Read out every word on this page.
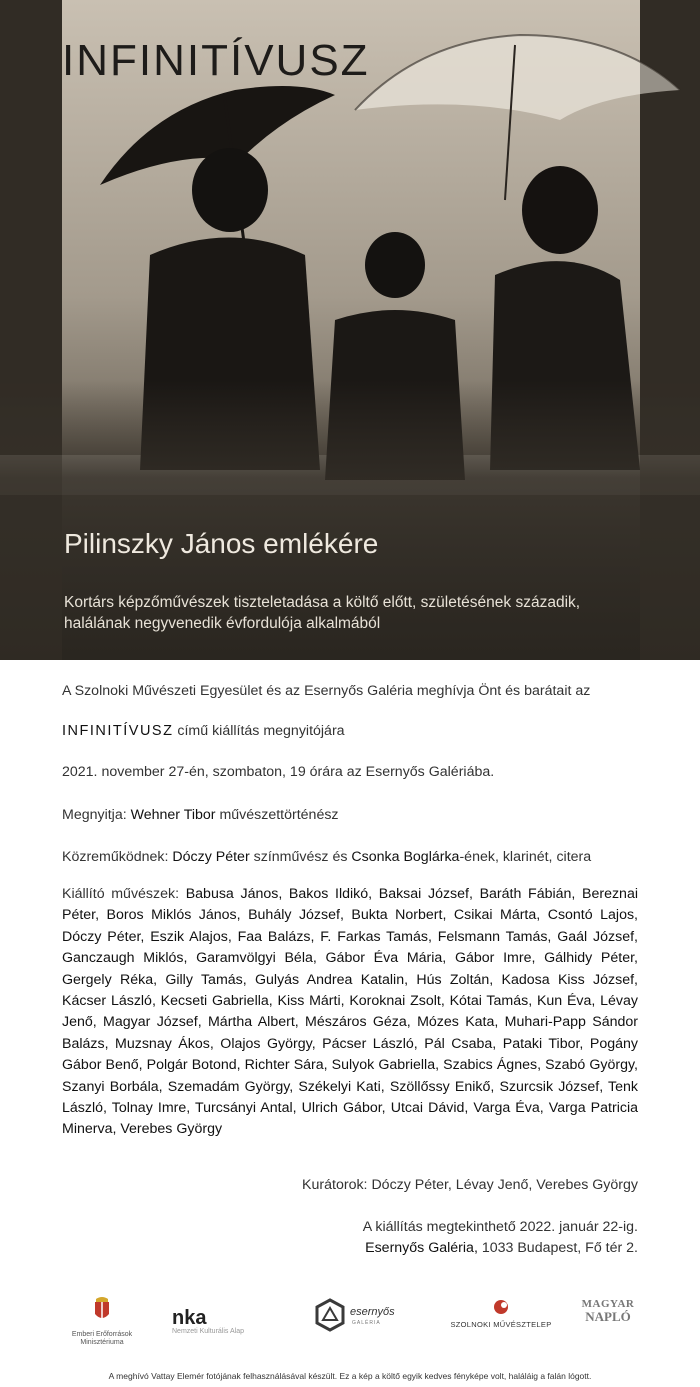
INFINITÍVUSZ
Pilinszky János emlékére
Kortárs képzőművészek tiszteletadása a költő előtt, születésének századik,
halálának negyvenedik évfordulója alkalmából

A Szolnoki Művészeti Egyesület és az Esernyős Galéria meghívja Önt és barátait az

INFINITÍVUSZ című kiállítás megnyitójára

2021. november 27-én, szombaton, 19 órára az Esernyős Galériába.

Megnyitja: Wehner Tibor művészettörténész

Közreműködnek: Dóczy Péter színművész és Csonka Boglárka-ének, klarinét, citera

Kiállító művészek: Babusa János, Bakos Ildikó, Baksai József, Baráth Fábián, Bereznai Péter, Boros Miklós János, Buhály József, Bukta Norbert, Csikai Márta, Csontó Lajos, Dóczy Péter, Eszik Alajos, Faa Balázs, F. Farkas Tamás, Felsmann Tamás, Gaál József, Ganczaugh Miklós, Garamvölgyi Béla, Gábor Éva Mária, Gábor Imre, Gálhidy Péter, Gergely Réka, Gilly Tamás, Gulyás Andrea Katalin, Hús Zoltán, Kadosa Kiss József, Kácser László, Kecseti Gabriella, Kiss Márti, Koroknai Zsolt, Kótai Tamás, Kun Éva, Lévay Jenő, Magyar József, Mártha Albert, Mészáros Géza, Mózes Kata, Muhari-Papp Sándor Balázs, Muzsnay Ákos, Olajos György, Pácser László, Pál Csaba, Pataki Tibor, Pogány Gábor Benő, Polgár Botond, Richter Sára, Sulyok Gabriella, Szabics Ágnes, Szabó György, Szanyi Borbála, Szemadám György, Székelyi Kati, Szöllőssy Enikő, Szurcsik József, Tenk László, Tolnay Imre, Turcsányi Antal, Ulrich Gábor, Utcai Dávid, Varga Éva, Varga Patricia Minerva, Verebes György

Kurátorok: Dóczy Péter, Lévay Jenő, Verebes György

A kiállítás megtekinthető 2022. január 22-ig.
Esernyős Galéria, 1033 Budapest, Fő tér 2.
Emberi Erőforrások Minisztériuma
nka
Nemzeti Kulturális Alap
esernyős
GALÉRIA	SZOLNOKI MŰVÉSZTELEP
MAGYAR
NAPLÓ
A meghívó Vattay Elemér fotójának felhasználásával készült. Ez a kép a költő egyik kedves fényképe volt, haláláig a falán lógott.
